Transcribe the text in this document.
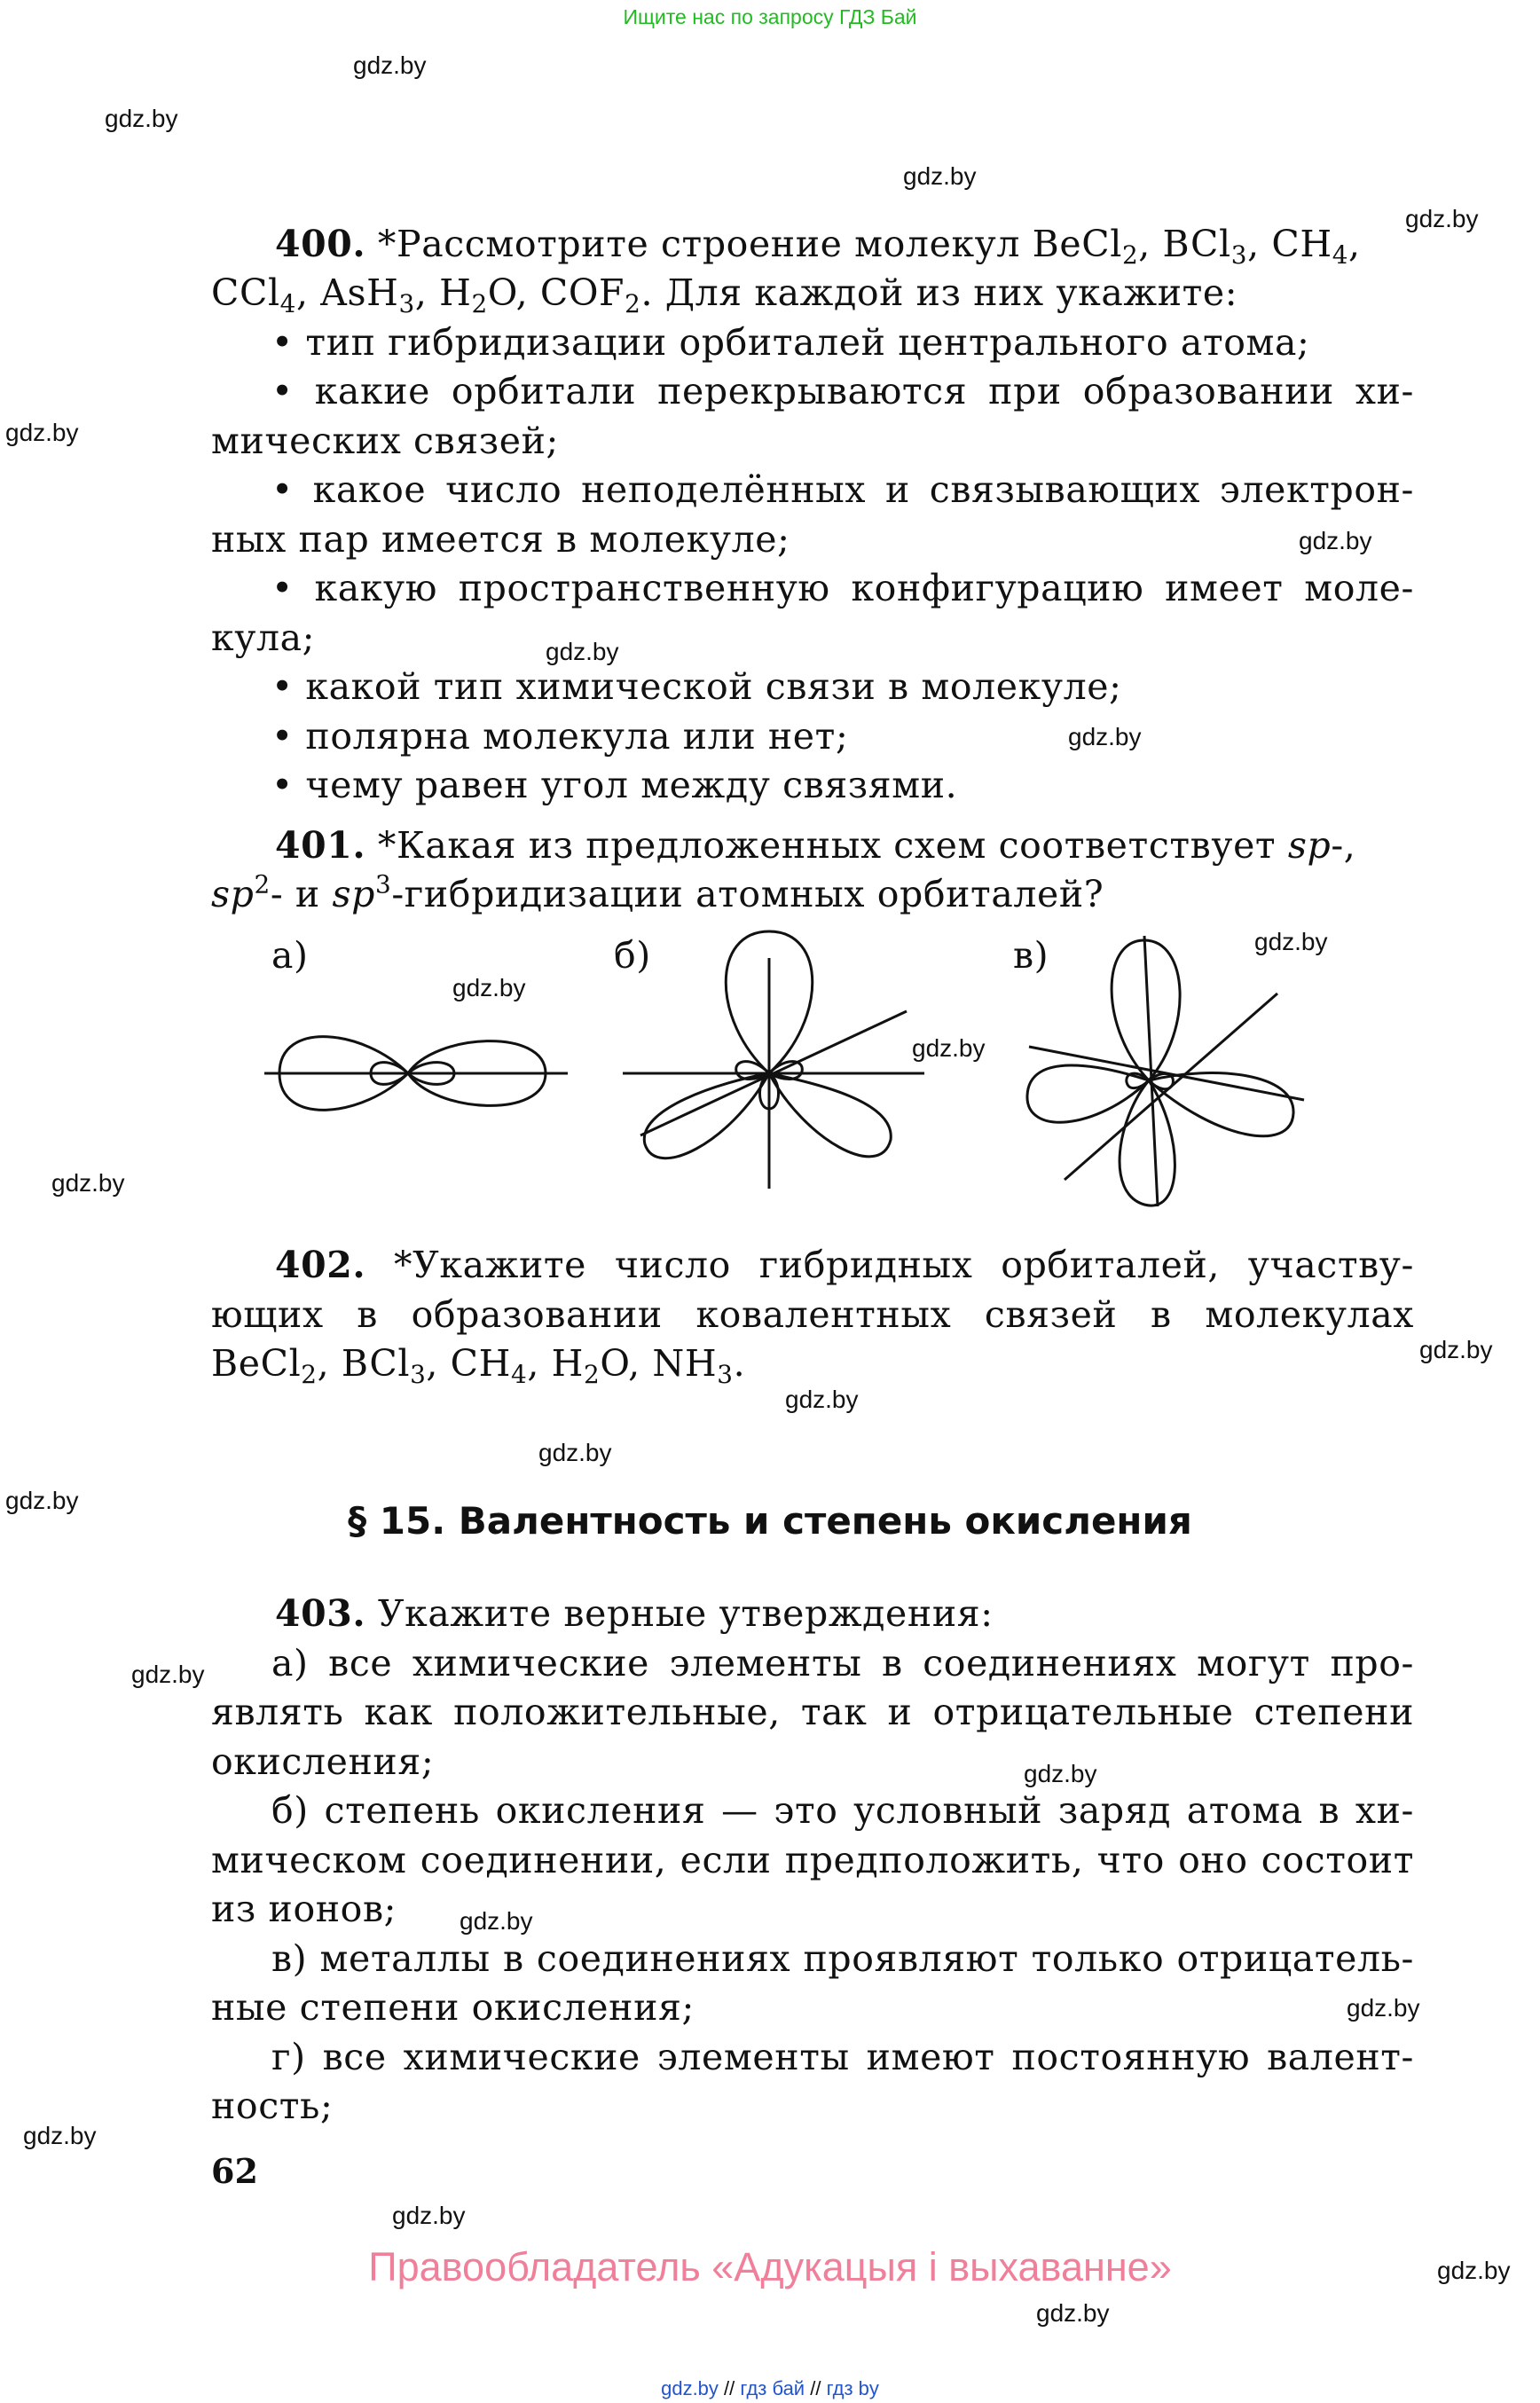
Ищите нас по запросу ГДЗ Бай
gdz.by
gdz.by
gdz.by
gdz.by
gdz.by
gdz.by
gdz.by
gdz.by
gdz.by
gdz.by
gdz.by
gdz.by
gdz.by
gdz.by
gdz.by
gdz.by
gdz.by
gdz.by
gdz.by
gdz.by
gdz.by
gdz.by
gdz.by
gdz.by
400. *Рассмотрите строение молекул BeCl$_2$, BCl$_3$, $CH_4$,
CCl$_4$, AsH$_3$, $H_2O$, $COF_2$. Для каждой из них укажите:
• тип гибридизации орбиталей центрального атома;
• какие орбитали перекрываются при образовании хи-
мических связей;
• какое число неподелённых и связывающих электрон-
ных пар имеется в молекуле;
• какую пространственную конфигурацию имеет моле-
кула;
• какой тип химической связи в молекуле;
• полярна молекула или нет;
• чему равен угол между связями.
401. *Какая из предложенных схем соответствует sp-,
$sp^2-$ и $sp^3$-гибридизации атомных орбиталей?
а)	б)	в)
402. *Укажите число гибридных орбиталей, участву-
ющих в образовании ковалентных связей в молекулах
BeCl$_2$, BCl$_3$, $CH_4$, $H_2O$, $NH_3$.
§ 15. Валентность и степень окисления
403. Укажите верные утверждения:
а) все химические элементы в соединениях могут про-
являть как положительные, так и отрицательные степени
окисления;
б) степень окисления — это условный заряд атома в хи-
мическом соединении, если предположить, что оно состоит
из ионов;
в) металлы в соединениях проявляют только отрицатель-
ные степени окисления;
г) все химические элементы имеют постоянную валент-
ность;
62
Правообладатель «Адукацыя і выхаванне»
gdz.by // гдз бай // гдз by
